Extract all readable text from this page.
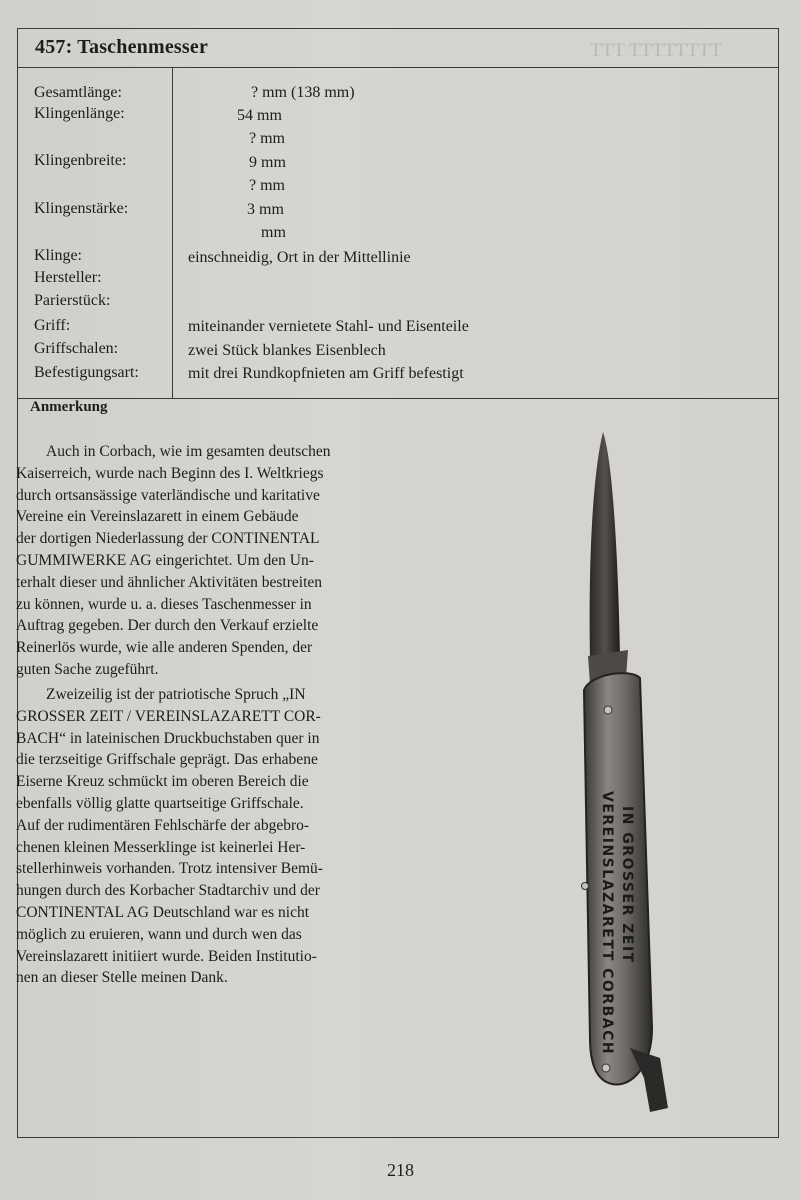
TTT TTTTTTTT
457: Taschenmesser
Gesamtlänge:
Klingenlänge:
Klingenbreite:
Klingenstärke:
Klinge:
Hersteller:
Parierstück:
Griff:
Griffschalen:
Befestigungsart:
? mm (138 mm)
54 mm
? mm
9 mm
? mm
3 mm
mm
einschneidig, Ort in der Mittellinie
miteinander vernietete Stahl- und Eisenteile
zwei Stück blankes Eisenblech
mit drei Rundkopfnieten am Griff befestigt
Anmerkung
Auch in Corbach, wie im gesamten deutschen
Kaiserreich, wurde nach Beginn des I. Weltkriegs
durch ortsansässige vaterländische und karitative
Vereine ein Vereinslazarett in einem Gebäude
der dortigen Niederlassung der CONTINENTAL
GUMMIWERKE AG eingerichtet. Um den Un-
terhalt dieser und ähnlicher Aktivitäten bestreiten
zu können, wurde u. a. dieses Taschenmesser in
Auftrag gegeben. Der durch den Verkauf erzielte
Reinerlös wurde, wie alle anderen Spenden, der
guten Sache zugeführt.
Zweizeilig ist der patriotische Spruch „IN
GROSSER ZEIT / VEREINSLAZARETT COR-
BACH“ in lateinischen Druckbuchstaben quer in
die terzseitige Griffschale geprägt. Das erhabene
Eiserne Kreuz schmückt im oberen Bereich die
ebenfalls völlig glatte quartseitige Griffschale.
Auf der rudimentären Fehlschärfe der abgebro-
chenen kleinen Messerklinge ist keinerlei Her-
stellerhinweis vorhanden. Trotz intensiver Bemü-
hungen durch des Korbacher Stadtarchiv und der
CONTINENTAL AG Deutschland war es nicht
möglich zu eruieren, wann und durch wen das
Vereinslazarett initiiert wurde. Beiden Institutio-
nen an dieser Stelle meinen Dank.
IN GROSSER ZEIT
VEREINSLAZARETT CORBACH
218
